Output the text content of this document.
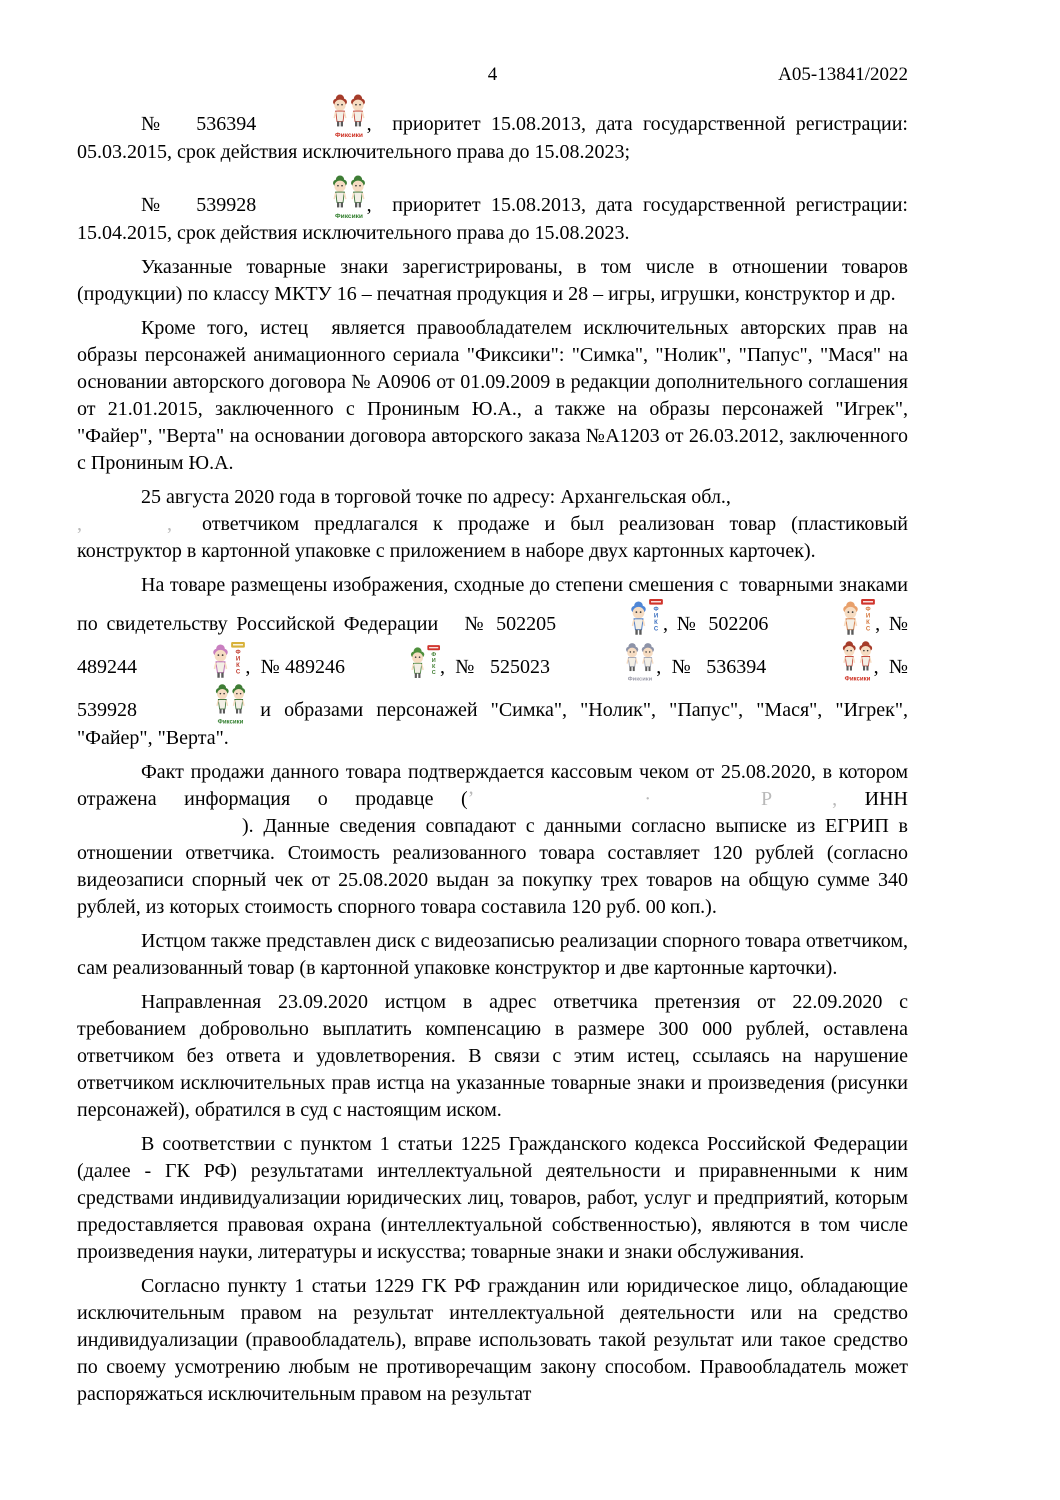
4	А05-13841/2022

№   536394
Фиксики
,  приоритет 15.08.2013, дата государственной регистрации: 05.03.2015, срок действия исключительного права до 15.08.2023;

№   539928
Фиксики
,  приоритет 15.08.2013, дата государственной регистрации: 15.04.2015, срок действия исключительного права до 15.08.2023.

Указанные товарные знаки зарегистрированы, в том числе в отношении товаров (продукции) по классу МКТУ 16 – печатная продукция и 28 – игры, игрушки, конструктор и др.

Кроме того, истец  является правообладателем исключительных авторских прав на образы персонажей анимационного сериала "Фиксики": "Симка", "Нолик", "Папус", "Мася" на основании авторского договора № А0906 от 01.09.2009 в редакции дополнительного соглашения от 21.01.2015, заключенного с Прониным Ю.А., а также на образы персонажей "Игрек", "Файер", "Верта" на основании договора авторского заказа №А1203 от 26.03.2012, заключенного с Прониным Ю.А.

25 августа 2020 года в торговой точке по адресу: Архангельская обл.,
,	, ответчиком предлагался к продаже и был реализован товар (пластиковый конструктор в картонной упаковке с приложением в наборе двух картонных карточек).

На товаре размещены изображения, сходные до степени смешения с  товарными знаками по свидетельству Российской Федерации   № 502205
Ф
И
К
С , № 502206
Ф
И
К
С , № 489244
Ф
И
К
С , №489246
Ф
И
К
С , № 525023
Фиксики
, № 536394
Фиксики
, № 539928
Фиксики
и образами персонажей "Симка", "Нолик", "Папус", "Мася", "Игрек", "Файер", "Верта".

Факт продажи данного товара подтверждается кассовым чеком от 25.08.2020, в котором отражена информация о продавце (ʼ	·	Р	, ИНН). Данные сведения совпадают с данными согласно выписке из ЕГРИП в отношении ответчика. Стоимость реализованного товара составляет 120 рублей (согласно видеозаписи спорный чек от 25.08.2020 выдан за покупку трех товаров на общую сумме 340 рублей, из которых стоимость спорного товара составила 120 руб. 00 коп.).

Истцом также представлен диск с видеозаписью реализации спорного товара ответчиком, сам реализованный товар (в картонной упаковке конструктор и две картонные карточки).

Направленная 23.09.2020 истцом в адрес ответчика претензия от 22.09.2020 с требованием добровольно выплатить компенсацию в размере 300 000 рублей, оставлена ответчиком без ответа и удовлетворения. В связи с этим истец, ссылаясь на нарушение ответчиком исключительных прав истца на указанные товарные знаки и произведения (рисунки персонажей), обратился в суд с настоящим иском.

В соответствии с пунктом 1 статьи 1225 Гражданского кодекса Российской Федерации (далее - ГК РФ) результатами интеллектуальной деятельности и приравненными к ним средствами индивидуализации юридических лиц, товаров, работ, услуг и предприятий, которым предоставляется правовая охрана (интеллектуальной собственностью), являются в том числе произведения науки, литературы и искусства; товарные знаки и знаки обслуживания.

Согласно пункту 1 статьи 1229 ГК РФ гражданин или юридическое лицо, обладающие исключительным правом на результат интеллектуальной деятельности или на средство индивидуализации (правообладатель), вправе использовать такой результат или такое средство по своему усмотрению любым не противоречащим закону способом. Правообладатель может распоряжаться исключительным правом на результат
